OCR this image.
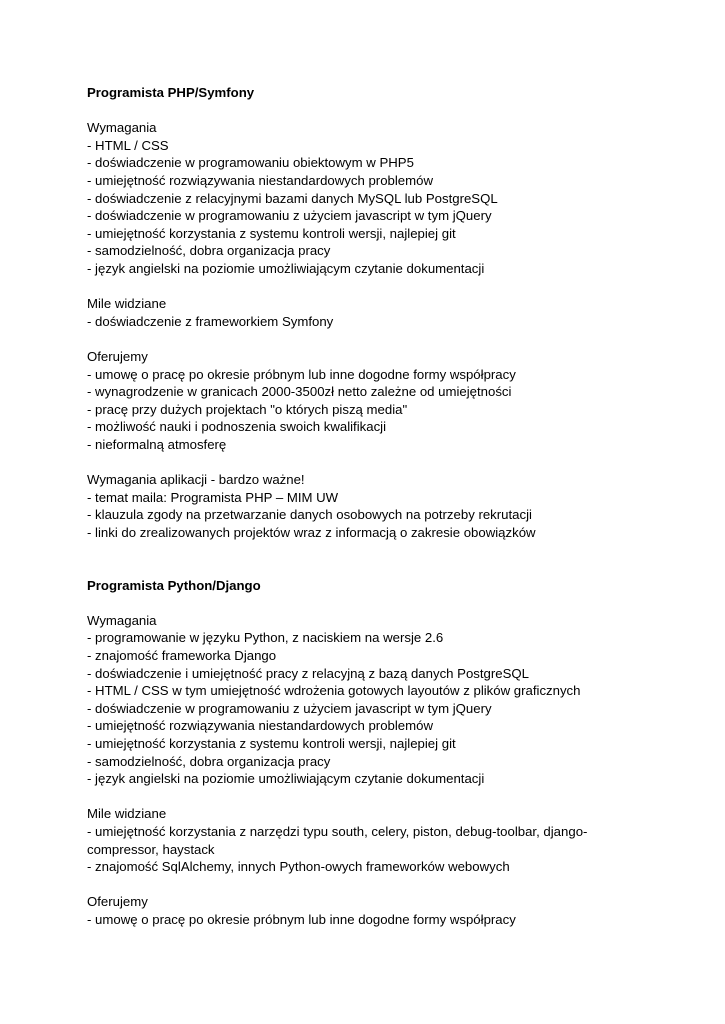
Programista PHP/Symfony
Wymagania
- HTML / CSS
- doświadczenie w programowaniu obiektowym w PHP5
- umiejętność rozwiązywania niestandardowych problemów
- doświadczenie z relacyjnymi bazami danych MySQL lub PostgreSQL
- doświadczenie w programowaniu z użyciem javascript w tym jQuery
- umiejętność korzystania z systemu kontroli wersji, najlepiej git
- samodzielność, dobra organizacja pracy
- język angielski na poziomie umożliwiającym czytanie dokumentacji
Mile widziane
- doświadczenie z frameworkiem Symfony
Oferujemy
- umowę o pracę po okresie próbnym lub inne dogodne formy współpracy
- wynagrodzenie w granicach 2000-3500zł netto zależne od umiejętności
- pracę przy dużych projektach "o których piszą media"
- możliwość nauki i podnoszenia swoich kwalifikacji
- nieformalną atmosferę
Wymagania aplikacji - bardzo ważne!
- temat maila: Programista PHP – MIM UW
- klauzula zgody na przetwarzanie danych osobowych na potrzeby rekrutacji
- linki do zrealizowanych projektów wraz z informacją o zakresie obowiązków
Programista Python/Django
Wymagania
- programowanie w języku Python, z naciskiem na wersje 2.6
- znajomość frameworka Django
- doświadczenie i umiejętność pracy z relacyjną z bazą danych PostgreSQL
- HTML / CSS w tym umiejętność wdrożenia gotowych layoutów z plików graficznych
- doświadczenie w programowaniu z użyciem javascript w tym jQuery
- umiejętność rozwiązywania niestandardowych problemów
- umiejętność korzystania z systemu kontroli wersji, najlepiej git
- samodzielność, dobra organizacja pracy
- język angielski na poziomie umożliwiającym czytanie dokumentacji
Mile widziane
- umiejętność korzystania z narzędzi typu south, celery, piston, debug-toolbar, django-
compressor, haystack
- znajomość SqlAlchemy, innych Python-owych frameworków webowych
Oferujemy
- umowę o pracę po okresie próbnym lub inne dogodne formy współpracy
